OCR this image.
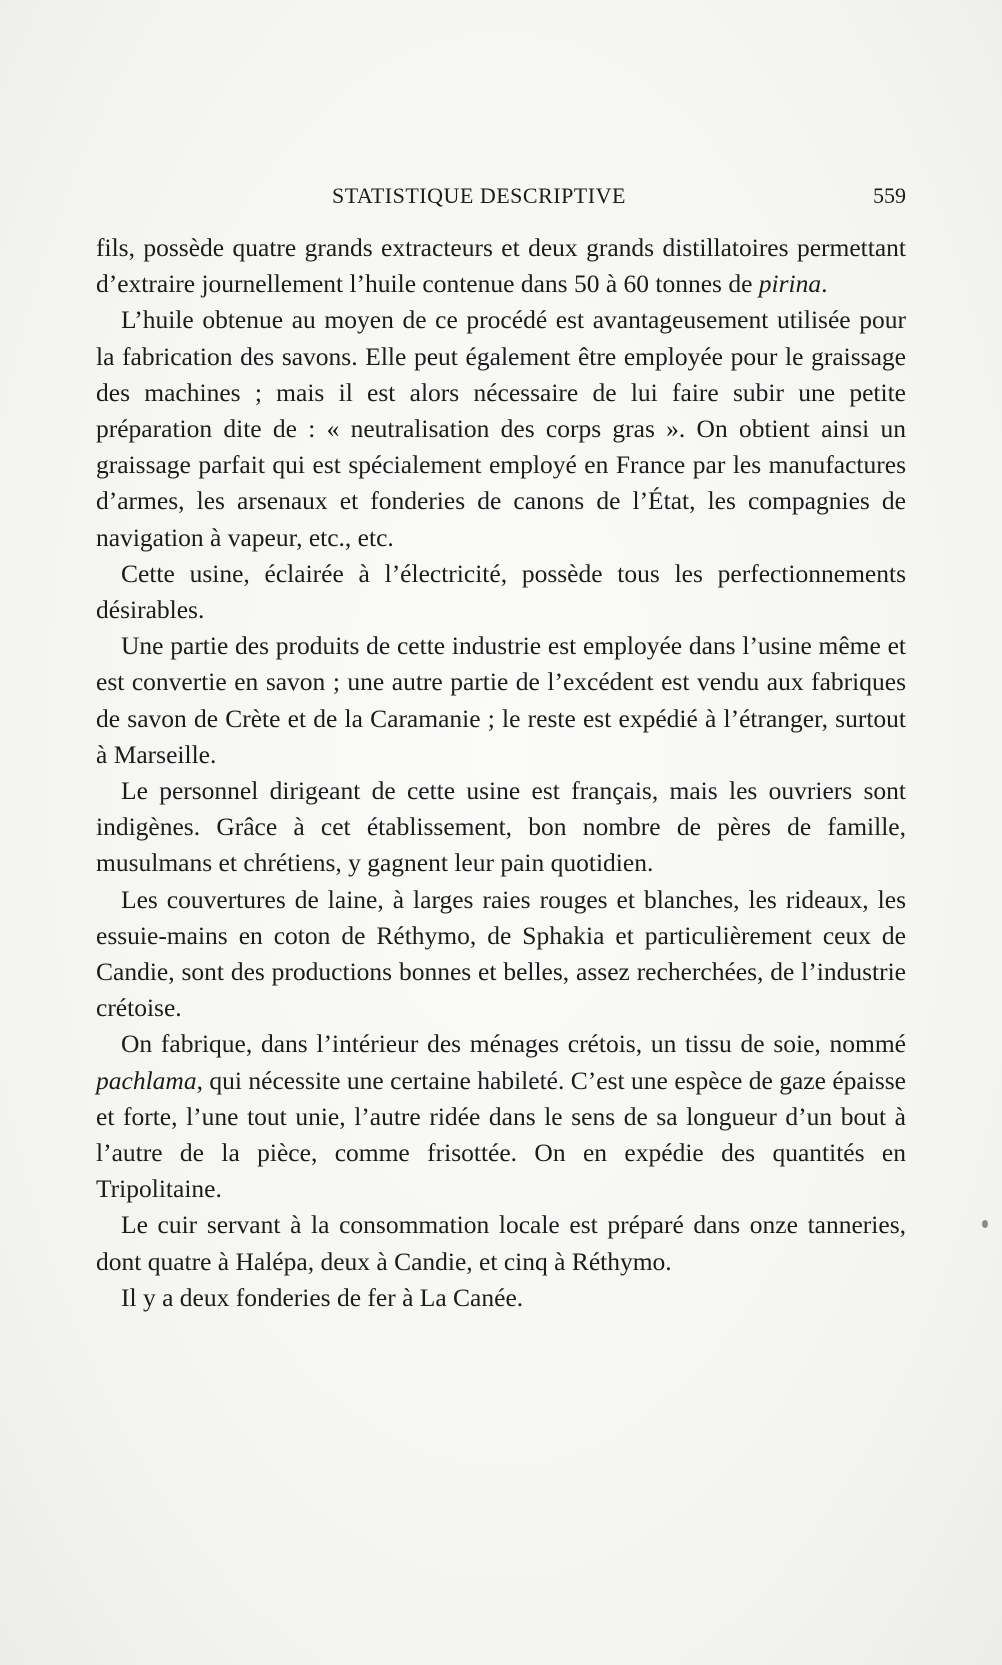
STATISTIQUE DESCRIPTIVE	559

fils, possède quatre grands extracteurs et deux grands distillatoires permettant d’extraire journellement l’huile contenue dans 50 à 60 tonnes de pirina.

L’huile obtenue au moyen de ce procédé est avantageusement utilisée pour la fabrication des savons. Elle peut également être employée pour le graissage des machines ; mais il est alors nécessaire de lui faire subir une petite préparation dite de : « neutralisation des corps gras ». On obtient ainsi un graissage parfait qui est spécialement employé en France par les manufactures d’armes, les arsenaux et fonderies de canons de l’État, les compagnies de navigation à vapeur, etc., etc.

Cette usine, éclairée à l’électricité, possède tous les perfectionnements désirables.

Une partie des produits de cette industrie est employée dans l’usine même et est convertie en savon ; une autre partie de l’excédent est vendu aux fabriques de savon de Crète et de la Caramanie ; le reste est expédié à l’étranger, surtout à Marseille.

Le personnel dirigeant de cette usine est français, mais les ouvriers sont indigènes. Grâce à cet établissement, bon nombre de pères de famille, musulmans et chrétiens, y gagnent leur pain quotidien.

Les couvertures de laine, à larges raies rouges et blanches, les rideaux, les essuie-mains en coton de Réthymo, de Sphakia et particulièrement ceux de Candie, sont des productions bonnes et belles, assez recherchées, de l’industrie crétoise.

On fabrique, dans l’intérieur des ménages crétois, un tissu de soie, nommé pachlama, qui nécessite une certaine habileté. C’est une espèce de gaze épaisse et forte, l’une tout unie, l’autre ridée dans le sens de sa longueur d’un bout à l’autre de la pièce, comme frisottée. On en expédie des quantités en Tripolitaine.

Le cuir servant à la consommation locale est préparé dans onze tanneries, dont quatre à Halépa, deux à Candie, et cinq à Réthymo.

Il y a deux fonderies de fer à La Canée.
